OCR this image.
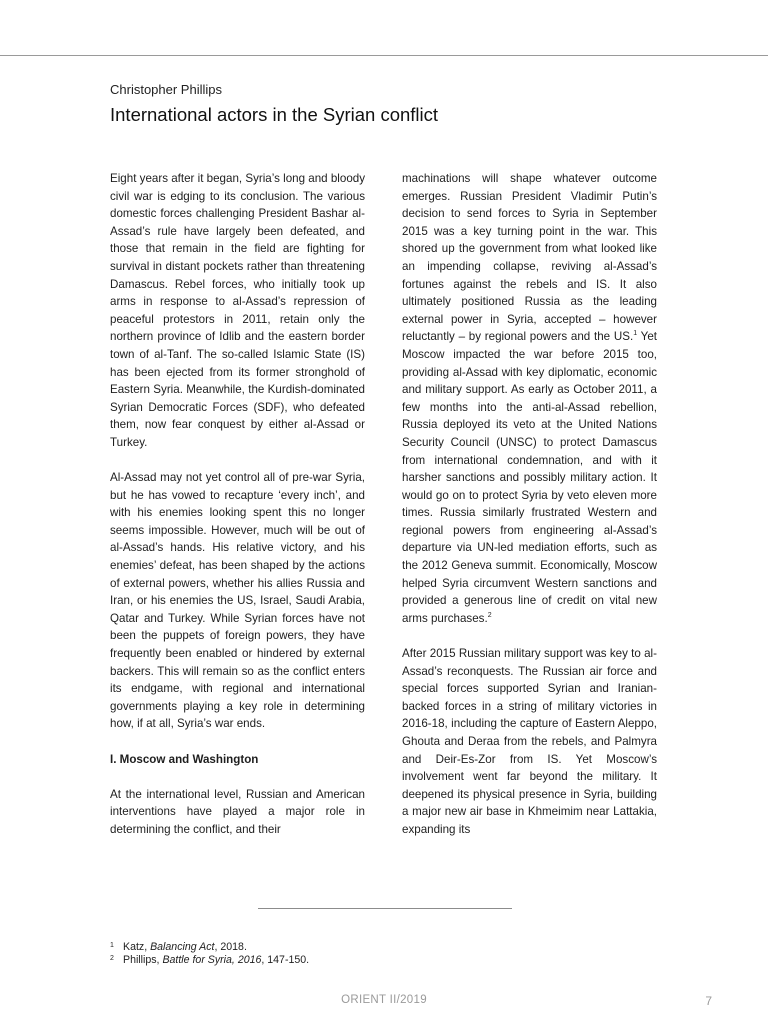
Christopher Phillips
International actors in the Syrian conflict

Eight years after it began, Syria’s long and bloody civil war is edging to its conclusion. The various domestic forces challenging President Bashar al-Assad’s rule have largely been defeated, and those that remain in the field are fighting for survival in distant pockets rather than threatening Damascus. Rebel forces, who initially took up arms in response to al-Assad’s repression of peaceful protestors in 2011, retain only the northern province of Idlib and the eastern border town of al-Tanf. The so-called Islamic State (IS) has been ejected from its former stronghold of Eastern Syria. Meanwhile, the Kurdish-dominated Syrian Democratic Forces (SDF), who defeated them, now fear conquest by either al-Assad or Turkey.

Al-Assad may not yet control all of pre-war Syria, but he has vowed to recapture ‘every inch’, and with his enemies looking spent this no longer seems impossible. However, much will be out of al-Assad’s hands. His relative victory, and his enemies’ defeat, has been shaped by the actions of external powers, whether his allies Russia and Iran, or his enemies the US, Israel, Saudi Arabia, Qatar and Turkey. While Syrian forces have not been the puppets of foreign powers, they have frequently been enabled or hindered by external backers. This will remain so as the conflict enters its endgame, with regional and international governments playing a key role in determining how, if at all, Syria’s war ends.

I. Moscow and Washington

At the international level, Russian and American interventions have played a major role in determining the conflict, and their

machinations will shape whatever outcome emerges. Russian President Vladimir Putin’s decision to send forces to Syria in September 2015 was a key turning point in the war. This shored up the government from what looked like an impending collapse, reviving al-Assad’s fortunes against the rebels and IS. It also ultimately positioned Russia as the leading external power in Syria, accepted – however reluctantly – by regional powers and the US.$^1$ Yet Moscow impacted the war before 2015 too, providing al-Assad with key diplomatic, economic and military support. As early as October 2011, a few months into the anti-al-Assad rebellion, Russia deployed its veto at the United Nations Security Council (UNSC) to protect Damascus from international condemnation, and with it harsher sanctions and possibly military action. It would go on to protect Syria by veto eleven more times. Russia similarly frustrated Western and regional powers from engineering al-Assad’s departure via UN-led mediation efforts, such as the 2012 Geneva summit. Economically, Moscow helped Syria circumvent Western sanctions and provided a generous line of credit on vital new arms purchases.$^2$

After 2015 Russian military support was key to al-Assad’s reconquests. The Russian air force and special forces supported Syrian and Iranian-backed forces in a string of military victories in 2016-18, including the capture of Eastern Aleppo, Ghouta and Deraa from the rebels, and Palmyra and Deir-Es-Zor from IS. Yet Moscow’s involvement went far beyond the military. It deepened its physical presence in Syria, building a major new air base in Khmeimim near Lattakia, expanding its

1 Katz, Balancing Act, 2018.
2 Phillips, Battle for Syria, 2016, 147-150.
ORIENT II/2019	7
